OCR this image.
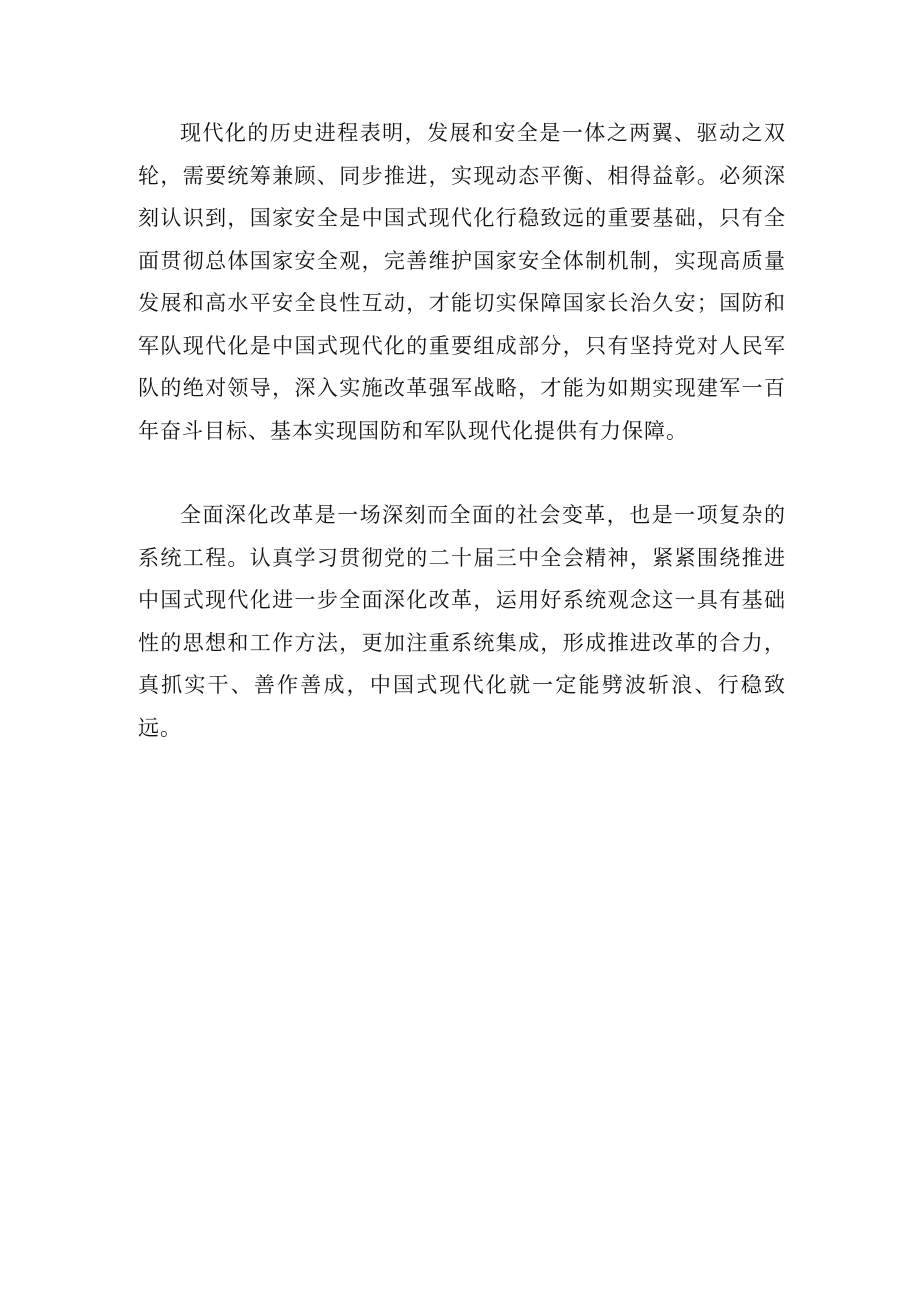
现代化的历史进程表明，发展和安全是一体之两翼、驱动之双轮，需要统筹兼顾、同步推进，实现动态平衡、相得益彰。必须深刻认识到，国家安全是中国式现代化行稳致远的重要基础，只有全面贯彻总体国家安全观，完善维护国家安全体制机制，实现高质量发展和高水平安全良性互动，才能切实保障国家长治久安；国防和军队现代化是中国式现代化的重要组成部分，只有坚持党对人民军队的绝对领导，深入实施改革强军战略，才能为如期实现建军一百年奋斗目标、基本实现国防和军队现代化提供有力保障。

全面深化改革是一场深刻而全面的社会变革，也是一项复杂的系统工程。认真学习贯彻党的二十届三中全会精神，紧紧围绕推进中国式现代化进一步全面深化改革，运用好系统观念这一具有基础性的思想和工作方法，更加注重系统集成，形成推进改革的合力，真抓实干、善作善成，中国式现代化就一定能劈波斩浪、行稳致远。
